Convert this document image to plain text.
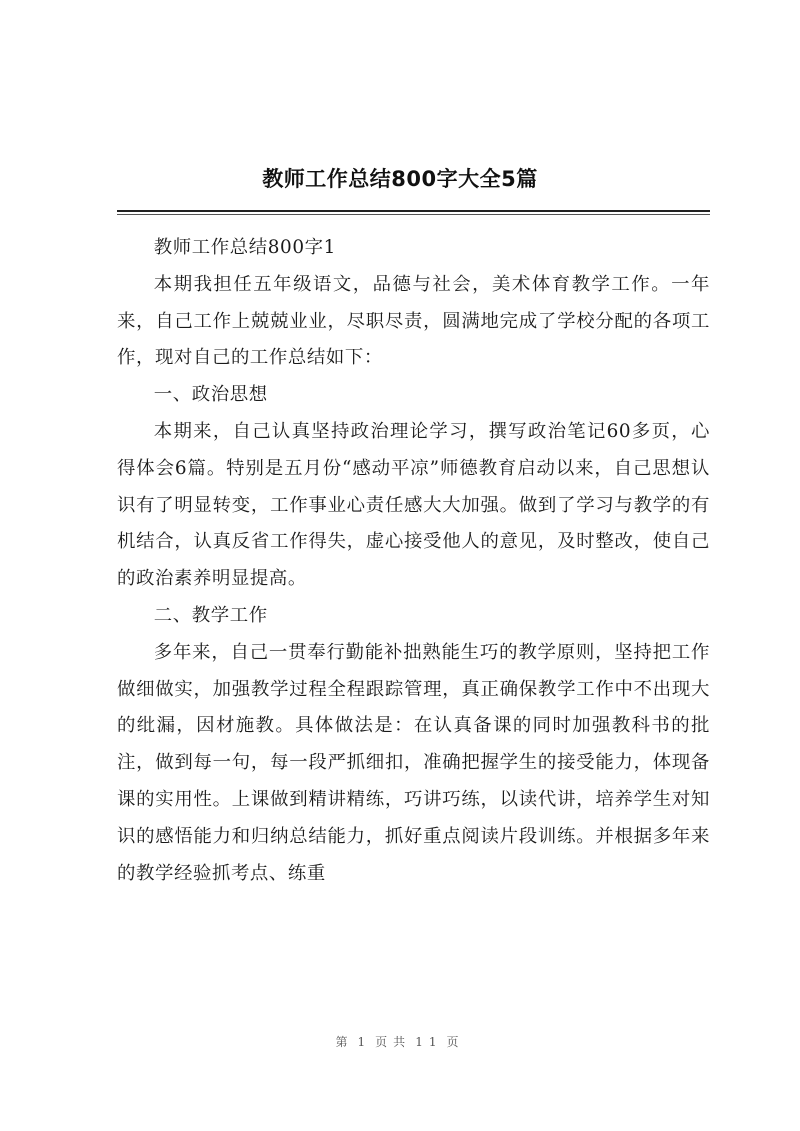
教师工作总结800字大全5篇

教师工作总结800字1

本期我担任五年级语文，品德与社会，美术体育教学工作。一年来，自己工作上兢兢业业，尽职尽责，圆满地完成了学校分配的各项工作，现对自己的工作总结如下：

一、政治思想

本期来，自己认真坚持政治理论学习，撰写政治笔记60多页，心得体会6篇。特别是五月份“感动平凉”师德教育启动以来，自己思想认识有了明显转变，工作事业心责任感大大加强。做到了学习与教学的有机结合，认真反省工作得失，虚心接受他人的意见，及时整改，使自己的政治素养明显提高。

二、教学工作

多年来，自己一贯奉行勤能补拙熟能生巧的教学原则，坚持把工作做细做实，加强教学过程全程跟踪管理，真正确保教学工作中不出现大的纰漏，因材施教。具体做法是：在认真备课的同时加强教科书的批注，做到每一句，每一段严抓细扣，准确把握学生的接受能力，体现备课的实用性。上课做到精讲精练，巧讲巧练，以读代讲，培养学生对知识的感悟能力和归纳总结能力，抓好重点阅读片段训练。并根据多年来的教学经验抓考点、练重

第 1 页共 11 页
